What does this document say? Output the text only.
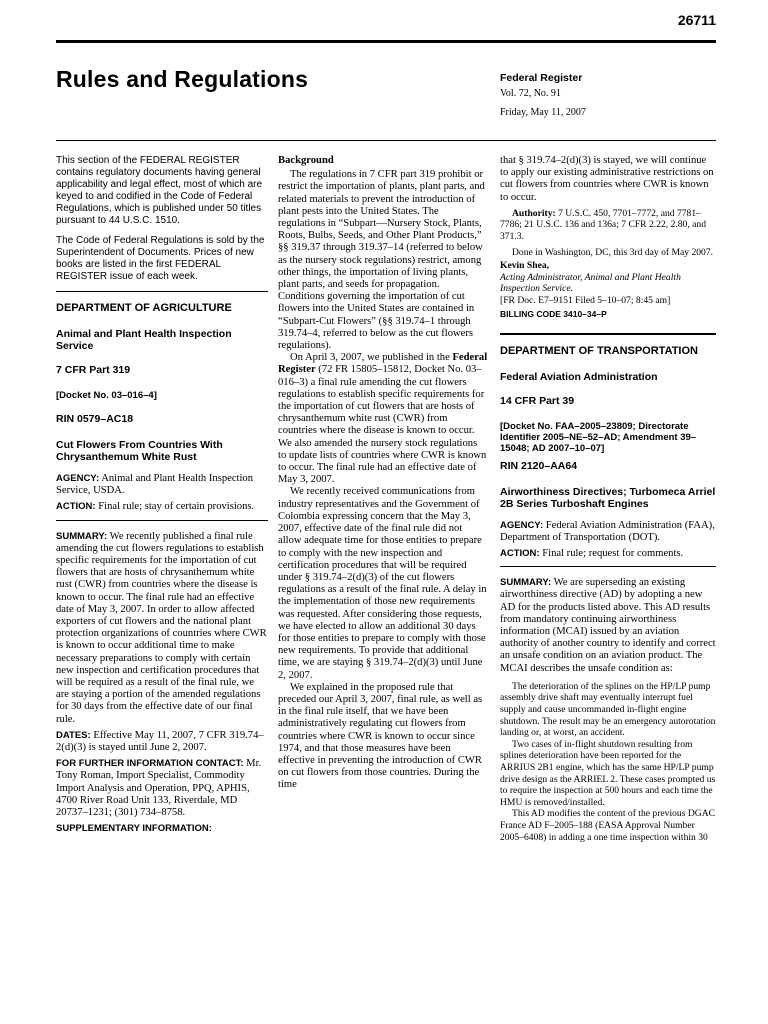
26711
Rules and Regulations	Federal Register
Vol. 72, No. 91
Friday, May 11, 2007

This section of the FEDERAL REGISTER contains regulatory documents having general applicability and legal effect, most of which are keyed to and codified in the Code of Federal Regulations, which is published under 50 titles pursuant to 44 U.S.C. 1510.

The Code of Federal Regulations is sold by the Superintendent of Documents. Prices of new books are listed in the first FEDERAL REGISTER issue of each week.

DEPARTMENT OF AGRICULTURE
Animal and Plant Health Inspection Service
7 CFR Part 319
[Docket No. 03–016–4]
RIN 0579–AC18
Cut Flowers From Countries With Chrysanthemum White Rust

AGENCY: Animal and Plant Health Inspection Service, USDA.

ACTION: Final rule; stay of certain provisions.

SUMMARY: We recently published a final rule amending the cut flowers regulations to establish specific requirements for the importation of cut flowers that are hosts of chrysanthemum white rust (CWR) from countries where the disease is known to occur. The final rule had an effective date of May 3, 2007. In order to allow affected exporters of cut flowers and the national plant protection organizations of countries where CWR is known to occur additional time to make necessary preparations to comply with certain new inspection and certification procedures that will be required as a result of the final rule, we are staying a portion of the amended regulations for 30 days from the effective date of our final rule.

DATES: Effective May 11, 2007, 7 CFR 319.74–2(d)(3) is stayed until June 2, 2007.

FOR FURTHER INFORMATION CONTACT: Mr. Tony Roman, Import Specialist, Commodity Import Analysis and Operation, PPQ, APHIS, 4700 River Road Unit 133, Riverdale, MD 20737–1231; (301) 734–8758.

SUPPLEMENTARY INFORMATION:

Background

The regulations in 7 CFR part 319 prohibit or restrict the importation of plants, plant parts, and related materials to prevent the introduction of plant pests into the United States. The regulations in “Subpart—Nursery Stock, Plants, Roots, Bulbs, Seeds, and Other Plant Products,” §§ 319.37 through 319.37–14 (referred to below as the nursery stock regulations) restrict, among other things, the importation of living plants, plant parts, and seeds for propagation. Conditions governing the importation of cut flowers into the United States are contained in “Subpart-Cut Flowers” (§§ 319.74–1 through 319.74–4, referred to below as the cut flowers regulations).

On April 3, 2007, we published in the Federal Register (72 FR 15805–15812, Docket No. 03–016–3) a final rule amending the cut flowers regulations to establish specific requirements for the importation of cut flowers that are hosts of chrysanthemum white rust (CWR) from countries where the disease is known to occur. We also amended the nursery stock regulations to update lists of countries where CWR is known to occur. The final rule had an effective date of May 3, 2007.

We recently received communications from industry representatives and the Government of Colombia expressing concern that the May 3, 2007, effective date of the final rule did not allow adequate time for those entities to prepare to comply with the new inspection and certification procedures that will be required under § 319.74–2(d)(3) of the cut flowers regulations as a result of the final rule. A delay in the implementation of those new requirements was requested. After considering those requests, we have elected to allow an additional 30 days for those entities to prepare to comply with those new requirements. To provide that additional time, we are staying § 319.74–2(d)(3) until June 2, 2007.

We explained in the proposed rule that preceded our April 3, 2007, final rule, as well as in the final rule itself, that we have been administratively regulating cut flowers from countries where CWR is known to occur since 1974, and that those measures have been effective in preventing the introduction of CWR on cut flowers from those countries. During the time

that § 319.74–2(d)(3) is stayed, we will continue to apply our existing administrative restrictions on cut flowers from countries where CWR is known to occur.

Authority: 7 U.S.C. 450, 7701–7772, and 7781–7786; 21 U.S.C. 136 and 136a; 7 CFR 2.22, 2.80, and 371.3.

Done in Washington, DC, this 3rd day of May 2007.

Kevin Shea,

Acting Administrator, Animal and Plant Health Inspection Service.

[FR Doc. E7–9151 Filed 5–10–07; 8:45 am]

BILLING CODE 3410–34–P

DEPARTMENT OF TRANSPORTATION
Federal Aviation Administration
14 CFR Part 39
[Docket No. FAA–2005–23809; Directorate Identifier 2005–NE–52–AD; Amendment 39–15048; AD 2007–10–07]
RIN 2120–AA64
Airworthiness Directives; Turbomeca Arriel 2B Series Turboshaft Engines

AGENCY: Federal Aviation Administration (FAA), Department of Transportation (DOT).

ACTION: Final rule; request for comments.

SUMMARY: We are superseding an existing airworthiness directive (AD) by adopting a new AD for the products listed above. This AD results from mandatory continuing airworthiness information (MCAI) issued by an aviation authority of another country to identify and correct an unsafe condition on an aviation product. The MCAI describes the unsafe condition as:

The deterioration of the splines on the HP/LP pump assembly drive shaft may eventually interrupt fuel supply and cause uncommanded in-flight engine shutdown. The result may be an emergency autorotation landing or, at worst, an accident.

Two cases of in-flight shutdown resulting from splines deterioration have been reported for the ARRIUS 2B1 engine, which has the same HP/LP pump drive design as the ARRIEL 2. These cases prompted us to require the inspection at 500 hours and each time the HMU is removed/installed.

This AD modifies the content of the previous DGAC France AD F–2005–188 (EASA Approval Number 2005–6408) in adding a one time inspection within 30
